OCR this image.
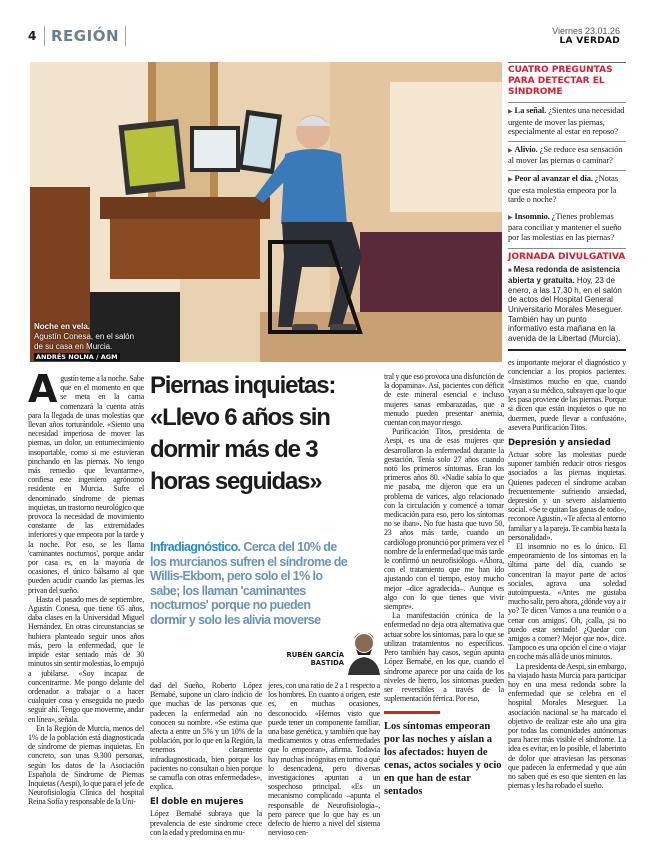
4 REGIÓN	Viernes 23.01.26
LA VERDAD
Noche en vela.
Agustín Conesa, en el salón de su casa en Murcia.
ANDRÉS NOLNA / AGM
CUATRO PREGUNTAS PARA DETECTAR EL SÍNDROME
▶ La señal. ¿Sientes una necesidad urgente de mover las piernas, especialmente al estar en reposo?
▶ Alivio. ¿Se reduce esa sensación al mover las piernas o caminar?
▶ Peor al avanzar el día. ¿Notas que esta molestia empeora por la tarde o noche?
▶ Insomnio. ¿Tienes problemas para conciliar y mantener el sueño por las molestias en las piernas?
JORNADA DIVULGATIVA
■ Mesa redonda de asistencia abierta y gratuita. Hoy, 23 de enero, a las 17.30 h, en el salón de actos del Hospital General Universitario Morales Meseguer. También hay un punto informativo esta mañana en la avenida de la Libertad (Murcia).

es importante mejorar el diagnóstico y concienciar a los propios pacientes. «Insistimos mucho en que, cuando vayan a su médico, subrayen que lo que les pasa proviene de las piernas. Porque si dicen que están inquietos o que no duermen, puede llevar a confusión», asevera Purificación Titos.

Depresión y ansiedad

Actuar sobre las molestias puede suponer también reducir otros riesgos asociados a las piernas inquietas. Quienes padecen el síndrome acaban frecuentemente sufriendo ansiedad, depresión y un severo aislamiento social. «Se te quitan las ganas de todo», reconoce Agustín. «Te afecta al entorno familiar y a la pareja. Te cambia hasta la personalidad».

El insomnio no es lo único. El empeoramiento de los síntomas en la última parte del día, cuando se concentran la mayor parte de actos sociales, agrava una soledad autoimpuesta. «Antes me gustaba mucho salir, pero ahora, ¿dónde voy a ir yo? Te dicen 'Vamos a una reunión o a cenar con amigos'. Oh, ¡calla, ¡si no puedo estar sentado! ¿Quedar con amigos a comer? Mejor que no», dice. Tampoco es una opción el cine o viajar en coche más allá de unos minutos.

La presidenta de Aespi, sin embargo, ha viajado hasta Murcia para participar hoy en una mesa redonda sobre la enfermedad que se celebra en el hospital Morales Meseguer. La asociación nacional se ha marcado el objetivo de realizar este año una gira por todas las comunidades autónomas para hacer más visible el síndrome. La idea es evitar, en lo posible, el laberinto de dolor que atraviesan las personas que padecen la enfermedad y que aún no saben qué es eso que sienten en las piernas y les ha robado el sueño.

Agustín teme a la noche. Sabe que en el momento en que se meta en la cama comenzará la cuenta atrás para la llegada de unas molestias que llevan años torturándole. «Siento una necesidad imperiosa de mover las piernas, un dolor, un entumecimiento insoportable, como si me estuvieran pinchando en las piernas. No tengo más remedio que levantarme», confiesa este ingeniero agrónomo residente en Murcia. Sufre el denominado síndrome de piernas inquietas, un trastorno neurológico que provoca la necesidad de movimiento constante de las extremidades inferiores y que empeora por la tarde y la noche. Por eso, se les llama 'caminantes nocturnos', porque andar por casa es, en la mayoría de ocasiones, el único bálsamo al que pueden acudir cuando las piernas les privan del sueño.

Hasta el pasado mes de septiembre, Agustín Conesa, que tiene 65 años, daba clases en la Universidad Miguel Hernández. En otras circunstancias se hubiera planteado seguir unos años más, pero la enfermedad, que le impide estar sentado más de 30 minutos sin sentir molestias, lo empujó a jubilarse. «Soy incapaz de concentrarme. Me pongo delante del ordenador a trabajar o a hacer cualquier cosa y enseguida no puedo seguir ahí. Tengo que moverme, andar en línea», señala.

En la Región de Murcia, menos del 1% de la población está diagnosticada de síndrome de piernas inquietas. En concreto, son unas 9.300 personas, según los datos de la Asociación Española de Síndrome de Piernas Inquietas (Aespi), lo que para el jefe de Neurofisiología Clínica del hospital Reina Sofía y responsable de la Uni-

Piernas inquietas:
«Llevo 6 años sin
dormir más de 3
horas seguidas»
Infradiagnóstico. Cerca del 10% de los murcianos sufren el síndrome de Willis-Ekbom, pero solo el 1% lo sabe; los llaman 'caminantes nocturnos' porque no pueden dormir y solo les alivia moverse
RUBÉN GARCÍA BASTIDA

dad del Sueño, Roberto López Bernabé, supone un claro indicio de que muchas de las personas que padecen la enfermedad aún no conocen su nombre. «Se estima que afecta a entre un 5% y un 10% de la población, por lo que en la Región, la tenemos claramente infradiagnosticada, bien porque los pacientes no consultan o bien porque se camufla con otras enfermedades», explica.

El doble en mujeres

López Bernabé subraya que la prevalencia de este síndrome crece con la edad y predomina en mu-

jeres, con una ratio de 2 a 1 respecto a los hombres. En cuanto a origen, este es, en muchas ocasiones, desconocido. «Hemos visto que puede tener un componente familiar, una base genética, y también que hay medicamentos y otras enfermedades que lo empeoran», afirma. Todavía hay muchas incógnitas en torno a qué lo desencadena, pero diversas investigaciones apuntan a un sospechoso principal. «Es un mecanismo complicado –apunta el responsable de Neurofisiología–, pero parece que lo que hay es un defecto de hierro a nivel del sistema nervioso cen-

tral y que eso provoca una disfunción de la dopamina». Así, pacientes con déficit de este mineral esencial e incluso mujeres sanas embarazadas, que a menudo pueden presentar anemia, cuentan con mayor riesgo.

Purificación Titos, presidenta de Aespi, es una de esas mujeres que desarrollaron la enfermedad durante la gestación. Tenía solo 27 años cuando notó los primeros síntomas. Eran los primeros años 80. «Nadie sabía lo que me pasaba, me dijeron que era un problema de varices, algo relacionado con la circulación y comencé a tomar medicación para eso, pero los síntomas no se iban». No fue hasta que tuvo 50, 23 años más tarde, cuando un cardiólogo pronunció por primera vez el nombre de la enfermedad que más tarde le confirmó un neurofisiólogo. «Ahora, con el tratamiento que me han ido ajustando con el tiempo, estoy mucho mejor –dice agradecida–. Aunque es algo con lo que tienes que vivir siempre».

La manifestación crónica de la enfermedad no deja otra alternativa que actuar sobre los síntomas, para lo que se utilizan tratamientos no específicos. Pero también hay casos, según apunta López Bernabé, en los que, cuando el síndrome aparece por una caída de los niveles de hierro, los síntomas pueden ser reversibles a través de la suplementación férrica. Por eso,

Los síntomas empeoran por las noches y aíslan a los afectados: huyen de cenas, actos sociales y ocio en que han de estar sentados
